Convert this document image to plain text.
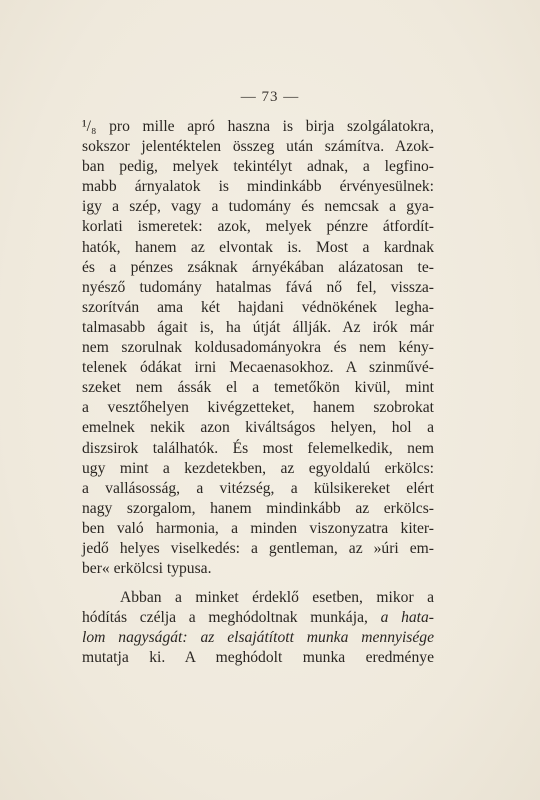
— 73 —
¹/₈ pro mille apró haszna is birja szolgálatokra,
sokszor jelentéktelen összeg után számítva. Azok-
ban pedig, melyek tekintélyt adnak, a legfino-
mabb árnyalatok is mindinkább érvényesülnek:
igy a szép, vagy a tudomány és nemcsak a gya-
korlati ismeretek: azok, melyek pénzre átfordít-
hatók, hanem az elvontak is. Most a kardnak
és a pénzes zsáknak árnyékában alázatosan te-
nyésző tudomány hatalmas fává nő fel, vissza-
szorítván ama két hajdani védnökének legha-
talmasabb ágait is, ha útját állják. Az irók már
nem szorulnak koldusadományokra és nem kény-
telenek ódákat irni Mecaenasokhoz. A szinművé-
szeket nem ássák el a temetőkön kivül, mint
a vesztőhelyen kivégzetteket, hanem szobrokat
emelnek nekik azon kiváltságos helyen, hol a
diszsirok találhatók. És most felemelkedik, nem
ugy mint a kezdetekben, az egyoldalú erkölcs:
a vallásosság, a vitézség, a külsikereket elért
nagy szorgalom, hanem mindinkább az erkölcs-
ben való harmonia, a minden viszonyzatra kiter-
jedő helyes viselkedés: a gentleman, az »úri em-
ber« erkölcsi typusa.
Abban a minket érdeklő esetben, mikor a
hódítás czélja a meghódoltnak munkája, a hata-
lom nagyságát: az elsajátított munka mennyisége
mutatja ki. A meghódolt munka eredménye
